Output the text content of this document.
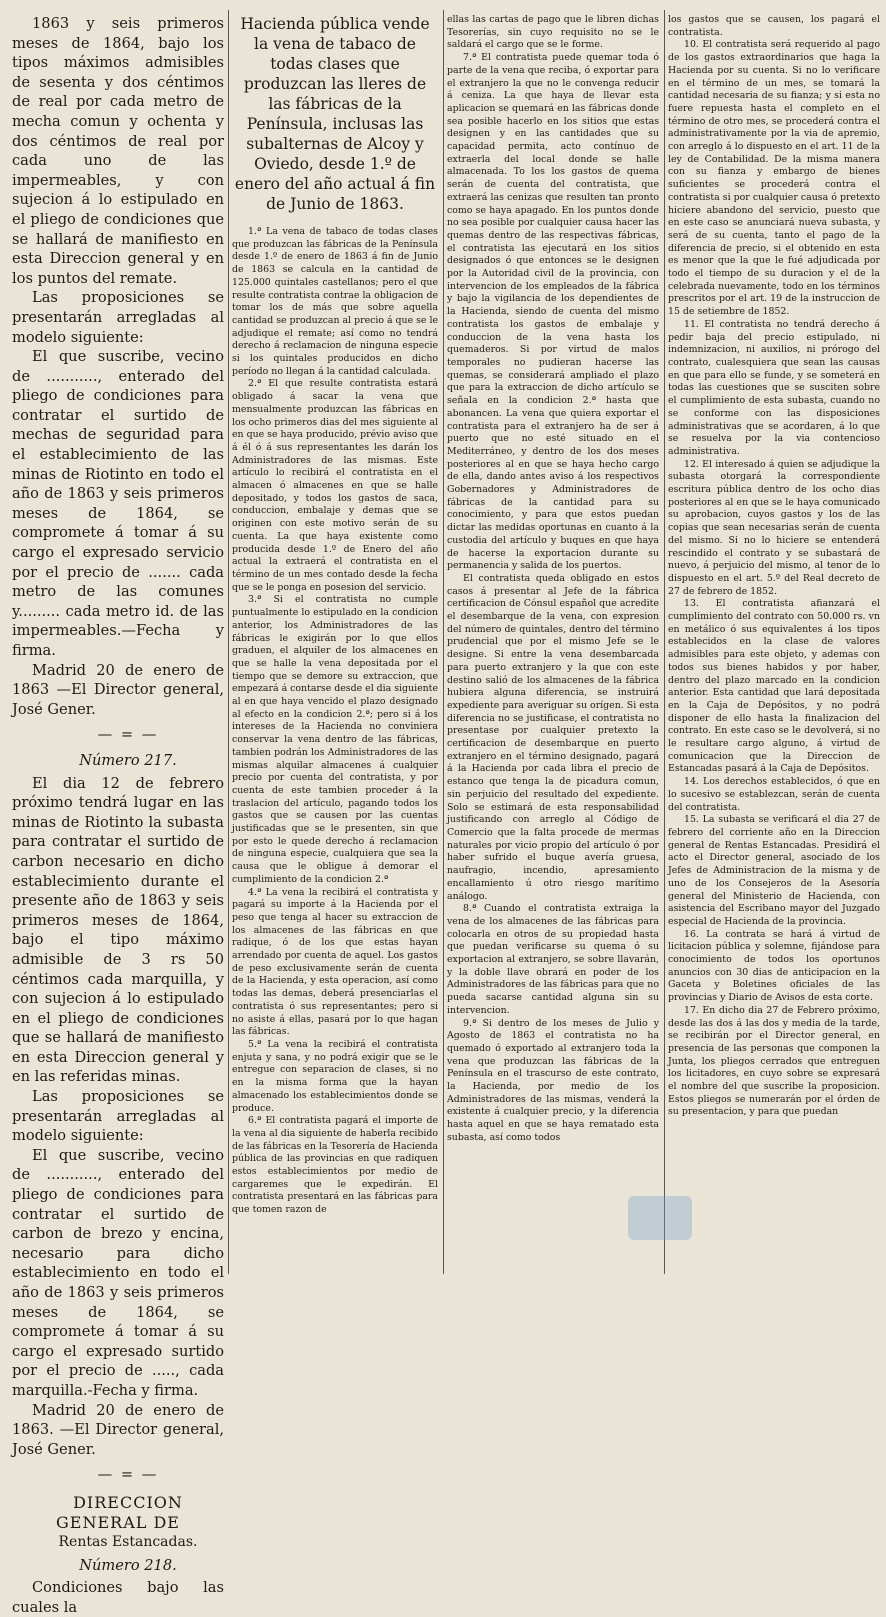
1863 y seis primeros meses de 1864, bajo los tipos máximos admisibles de sesenta y dos céntimos de real por cada metro de mecha comun y ochenta y dos céntimos de real por cada uno de las impermeables, y con sujecion á lo estipulado en el pliego de condiciones que se hallará de manifiesto en esta Direccion general y en los puntos del remate.

Las proposiciones se presentarán arregladas al modelo siguiente:

El que suscribe, vecino de ..........., enterado del pliego de condiciones para contratar el surtido de mechas de seguridad para el establecimiento de las minas de Riotinto en todo el año de 1863 y seis primeros meses de 1864, se compromete á tomar á su cargo el expresado servicio por el precio de ....... cada metro de las comunes y......... cada metro id. de las impermeables.—Fecha y firma.

Madrid 20 de enero de 1863 —El Director general, José Gener.

— = —

Número 217.

El dia 12 de febrero próximo tendrá lugar en las minas de Riotinto la subasta para contratar el surtido de carbon necesario en dicho establecimiento durante el presente año de 1863 y seis primeros meses de 1864, bajo el tipo máximo admisible de 3 rs 50 céntimos cada marquilla, y con sujecion á lo estipulado en el pliego de condiciones que se hallará de manifiesto en esta Direccion general y en las referidas minas.

Las proposiciones se presentarán arregladas al modelo siguiente:

El que suscribe, vecino de ..........., enterado del pliego de condiciones para contratar el surtido de carbon de brezo y encina, necesario para dicho establecimiento en todo el año de 1863 y seis primeros meses de 1864, se compromete á tomar á su cargo el expresado surtido por el precio de ....., cada marquilla.-Fecha y firma.

Madrid 20 de enero de 1863. —El Director general, José Gener.

— = —

DIRECCION GENERAL DE

Rentas Estancadas.

Número 218.

Condiciones bajo las cuales la

Hacienda pública vende la vena de tabaco de todas clases que produzcan las lleres de las fábricas de la Península, inclusas las subalternas de Alcoy y Oviedo, desde 1.º de enero del año actual á fin de Junio de 1863.

1.ª La vena de tabaco de todas clases que produzcan las fábricas de la Península desde 1.º de enero de 1863 á fin de Junio de 1863 se calcula en la cantidad de 125.000 quintales castellanos; pero el que resulte contratista contrae la obligacion de tomar los de más que sobre aquella cantidad se produzcan al precio á que se le adjudique el remate; así como no tendrá derecho á reclamacion de ninguna especie si los quintales producidos en dicho período no llegan á la cantidad calculada.

2.ª El que resulte contratista estará obligado á sacar la vena que mensualmente produzcan las fábricas en los ocho primeros dias del mes siguiente al en que se haya producido, prévio aviso que á él ó á sus representantes les darán los Administradores de las mismas. Este artículo lo recibirá el contratista en el almacen ó almacenes en que se halle depositado, y todos los gastos de saca, conduccion, embalaje y demas que se originen con este motivo serán de su cuenta. La que haya existente como producida desde 1.º de Enero del año actual la extraerá el contratista en el término de un mes contado desde la fecha que se le ponga en posesion del servicio.

3.ª Si el contratista no cumple puntualmente lo estipulado en la condicion anterior, los Administradores de las fábricas le exigirán por lo que ellos graduen, el alquiler de los almacenes en que se halle la vena depositada por el tiempo que se demore su extraccion, que empezará á contarse desde el dia siguiente al en que haya vencido el plazo designado al efecto en la condicion 2.ª; pero si á los intereses de la Hacienda no conviniera conservar la vena dentro de las fábricas, tambien podrán los Administradores de las mismas alquilar almacenes á cualquier precio por cuenta del contratista, y por cuenta de este tambien proceder á la traslacion del artículo, pagando todos los gastos que se causen por las cuentas justificadas que se le presenten, sin que por esto le quede derecho á reclamacion de ninguna especie, cualquiera que sea la causa que le obligue á demorar el cumplimiento de la condicion 2.ª

4.ª La vena la recibirá el contratista y pagará su importe á la Hacienda por el peso que tenga al hacer su extraccion de los almacenes de las fábricas en que radique, ó de los que estas hayan arrendado por cuenta de aquel. Los gastos de peso exclusivamente serán de cuenta de la Hacienda, y esta operacion, así como todas las demas, deberá presenciarlas el contratista ó sus representantes; pero si no asiste á ellas, pasará por lo que hagan las fábricas.

5.ª La vena la recibirá el contratista enjuta y sana, y no podrá exigir que se le entregue con separacion de clases, si no en la misma forma que la hayan almacenado los establecimientos donde se produce.

6.ª El contratista pagará el importe de la vena al dia siguiente de haberla recibido de las fábricas en la Tesorería de Hacienda pública de las provincias en que radiquen estos establecimientos por medio de cargaremes que le expedirán. El contratista presentará en las fábricas para que tomen razon de

ellas las cartas de pago que le libren dichas Tesorerías, sin cuyo requisito no se le saldará el cargo que se le forme.

7.ª El contratista puede quemar toda ó parte de la vena que reciba, ó exportar para el extranjero la que no le convenga reducir á ceniza. La que haya de llevar esta aplicacion se quemará en las fábricas donde sea posible hacerlo en los sitios que estas designen y en las cantidades que su capacidad permita, acto contínuo de extraerla del local donde se halle almacenada. To los los gastos de quema serán de cuenta del contratista, que extraerá las cenizas que resulten tan pronto como se haya apagado. En los puntos donde no sea posible por cualquier causa hacer las quemas dentro de las respectivas fábricas, el contratista las ejecutará en los sitios designados ó que entonces se le designen por la Autoridad civil de la provincia, con intervencion de los empleados de la fábrica y bajo la vigilancia de los dependientes de la Hacienda, siendo de cuenta del mismo contratista los gastos de embalaje y conduccion de la vena hasta los quemaderos. Si por virtud de malos temporales no pudieran hacerse las quemas, se considerará ampliado el plazo que para la extraccion de dicho artículo se señala en la condicion 2.ª hasta que abonancen. La vena que quiera exportar el contratista para el extranjero ha de ser á puerto que no esté situado en el Mediterráneo, y dentro de los dos meses posteriores al en que se haya hecho cargo de ella, dando antes aviso á los respectivos Gobernadores y Administradores de fábricas de la cantidad para su conocimiento, y para que estos puedan dictar las medidas oportunas en cuanto á la custodia del artículo y buques en que haya de hacerse la exportacion durante su permanencia y salida de los puertos.

El contratista queda obligado en estos casos á presentar al Jefe de la fábrica certificacion de Cónsul español que acredite el desembarque de la vena, con expresion del número de quintales, dentro del término prudencial que por el mismo Jefe se le designe. Si entre la vena desembarcada para puerto extranjero y la que con este destino salió de los almacenes de la fábrica hubiera alguna diferencia, se instruirá expediente para averiguar su orígen. Si esta diferencia no se justificase, el contratista no presentase por cualquier pretexto la certificacion de desembarque en puerto extranjero en el término designado, pagará á la Hacienda por cada libra el precio de estanco que tenga la de picadura comun, sin perjuicio del resultado del expediente. Solo se estimará de esta responsabilidad justificando con arreglo al Código de Comercio que la falta procede de mermas naturales por vicio propio del artículo ó por haber sufrido el buque avería gruesa, naufragio, incendio, apresamiento encallamiento ú otro riesgo marítimo análogo.

8.ª Cuando el contratista extraiga la vena de los almacenes de las fábricas para colocarla en otros de su propiedad hasta que puedan verificarse su quema ó su exportacion al extranjero, se sobre llavarán, y la doble llave obrará en poder de los Administradores de las fábricas para que no pueda sacarse cantidad alguna sin su intervencion.

9.ª Si dentro de los meses de Julio y Agosto de 1863 el contratista no ha quemado ó exportado al extranjero toda la vena que produzcan las fábricas de la Península en el trascurso de este contrato, la Hacienda, por medio de los Administradores de las mismas, venderá la existente á cualquier precio, y la diferencia hasta aquel en que se haya rematado esta subasta, así como todos

los gastos que se causen, los pagará el contratista.

10. El contratista será requerido al pago de los gastos extraordinarios que haga la Hacienda por su cuenta. Si no lo verificare en el término de un mes, se tomará la cantidad necesaria de su fianza; y si esta no fuere repuesta hasta el completo en el término de otro mes, se procederá contra el administrativamente por la via de apremio, con arreglo á lo dispuesto en el art. 11 de la ley de Contabilidad. De la misma manera con su fianza y embargo de bienes suficientes se procederá contra el contratista si por cualquier causa ó pretexto hiciere abandono del servicio, puesto que en este caso se anunciará nueva subasta, y será de su cuenta, tanto el pago de la diferencia de precio, si el obtenido en esta es menor que la que le fué adjudicada por todo el tiempo de su duracion y el de la celebrada nuevamente, todo en los términos prescritos por el art. 19 de la instruccion de 15 de setiembre de 1852.

11. El contratista no tendrá derecho á pedir baja del precio estipulado, ni indemnizacion, ni auxilios, ni prórogo del contrato, cualesquiera que sean las causas en que para ello se funde, y se someterá en todas las cuestiones que se susciten sobre el cumplimiento de esta subasta, cuando no se conforme con las disposiciones administrativas que se acordaren, á lo que se resuelva por la via contencioso administrativa.

12. El interesado á quien se adjudique la subasta otorgará la correspondiente escritura pública dentro de los ocho dias posteriores al en que se le haya comunicado su aprobacion, cuyos gastos y los de las copias que sean necesarias serán de cuenta del mismo. Si no lo hiciere se entenderá rescindido el contrato y se subastará de nuevo, á perjuicio del mismo, al tenor de lo dispuesto en el art. 5.º del Real decreto de 27 de febrero de 1852.

13. El contratista afianzará el cumplimiento del contrato con 50.000 rs. vn en metálico ó sus equivalentes á los tipos establecidos en la clase de valores admisibles para este objeto, y ademas con todos sus bienes habidos y por haber, dentro del plazo marcado en la condicion anterior. Esta cantidad que lará depositada en la Caja de Depósitos, y no podrá disponer de ello hasta la finalizacion del contrato. En este caso se le devolverá, si no le resultare cargo alguno, á virtud de comunicacion que la Direccion de Estancadas pasará á la Caja de Depósitos.

14. Los derechos establecidos, ó que en lo sucesivo se establezcan, serán de cuenta del contratista.

15. La subasta se verificará el dia 27 de febrero del corriente año en la Direccion general de Rentas Estancadas. Presidirá el acto el Director general, asociado de los Jefes de Administracion de la misma y de uno de los Consejeros de la Asesoría general del Ministerio de Hacienda, con asistencia del Escribano mayor del Juzgado especial de Hacienda de la provincia.

16. La contrata se hará á virtud de licitacion pública y solemne, fijándose para conocimiento de todos los oportunos anuncios con 30 dias de anticipacion en la Gaceta y Boletines oficiales de las provincias y Diario de Avisos de esta corte.

17. En dicho dia 27 de Febrero próximo, desde las dos á las dos y media de la tarde, se recibirán por el Director general, en presencia de las personas que componen la Junta, los pliegos cerrados que entreguen los licitadores, en cuyo sobre se expresará el nombre del que suscribe la proposicion. Estos pliegos se numerarán por el órden de su presentacion, y para que puedan
